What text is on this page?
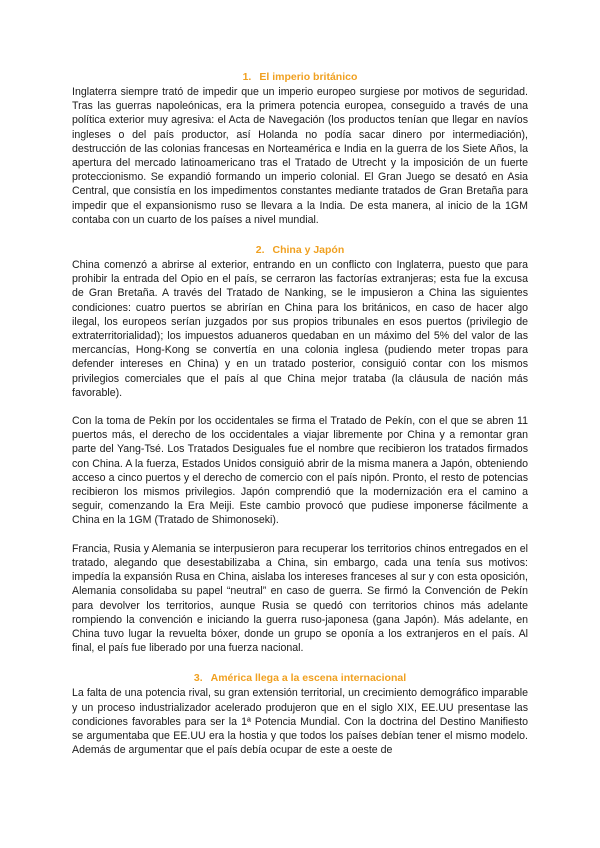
1. El imperio británico

Inglaterra siempre trató de impedir que un imperio europeo surgiese por motivos de seguridad. Tras las guerras napoleónicas, era la primera potencia europea, conseguido a través de una política exterior muy agresiva: el Acta de Navegación (los productos tenían que llegar en navíos ingleses o del país productor, así Holanda no podía sacar dinero por intermediación), destrucción de las colonias francesas en Norteamérica e India en la guerra de los Siete Años, la apertura del mercado latinoamericano tras el Tratado de Utrecht y la imposición de un fuerte proteccionismo. Se expandió formando un imperio colonial. El Gran Juego se desató en Asia Central, que consistía en los impedimentos constantes mediante tratados de Gran Bretaña para impedir que el expansionismo ruso se llevara a la India. De esta manera, al inicio de la 1GM contaba con un cuarto de los países a nivel mundial.

2. China y Japón

China comenzó a abrirse al exterior, entrando en un conflicto con Inglaterra, puesto que para prohibir la entrada del Opio en el país, se cerraron las factorías extranjeras; esta fue la excusa de Gran Bretaña. A través del Tratado de Nanking, se le impusieron a China las siguientes condiciones: cuatro puertos se abrirían en China para los británicos, en caso de hacer algo ilegal, los europeos serían juzgados por sus propios tribunales en esos puertos (privilegio de extraterritorialidad); los impuestos aduaneros quedaban en un máximo del 5% del valor de las mercancías, Hong-Kong se convertía en una colonia inglesa (pudiendo meter tropas para defender intereses en China) y en un tratado posterior, consiguió contar con los mismos privilegios comerciales que el país al que China mejor trataba (la cláusula de nación más favorable).

Con la toma de Pekín por los occidentales se firma el Tratado de Pekín, con el que se abren 11 puertos más, el derecho de los occidentales a viajar libremente por China y a remontar gran parte del Yang-Tsé. Los Tratados Desiguales fue el nombre que recibieron los tratados firmados con China. A la fuerza, Estados Unidos consiguió abrir de la misma manera a Japón, obteniendo acceso a cinco puertos y el derecho de comercio con el país nipón. Pronto, el resto de potencias recibieron los mismos privilegios. Japón comprendió que la modernización era el camino a seguir, comenzando la Era Meiji. Este cambio provocó que pudiese imponerse fácilmente a China en la 1GM (Tratado de Shimonoseki).

Francia, Rusia y Alemania se interpusieron para recuperar los territorios chinos entregados en el tratado, alegando que desestabilizaba a China, sin embargo, cada una tenía sus motivos: impedía la expansión Rusa en China, aislaba los intereses franceses al sur y con esta oposición, Alemania consolidaba su papel “neutral” en caso de guerra. Se firmó la Convención de Pekín para devolver los territorios, aunque Rusia se quedó con territorios chinos más adelante rompiendo la convención e iniciando la guerra ruso-japonesa (gana Japón). Más adelante, en China tuvo lugar la revuelta bóxer, donde un grupo se oponía a los extranjeros en el país. Al final, el país fue liberado por una fuerza nacional.

3. América llega a la escena internacional

La falta de una potencia rival, su gran extensión territorial, un crecimiento demográfico imparable y un proceso industrializador acelerado produjeron que en el siglo XIX, EE.UU presentase las condiciones favorables para ser la 1ª Potencia Mundial. Con la doctrina del Destino Manifiesto se argumentaba que EE.UU era la hostia y que todos los países debían tener el mismo modelo. Además de argumentar que el país debía ocupar de este a oeste de
